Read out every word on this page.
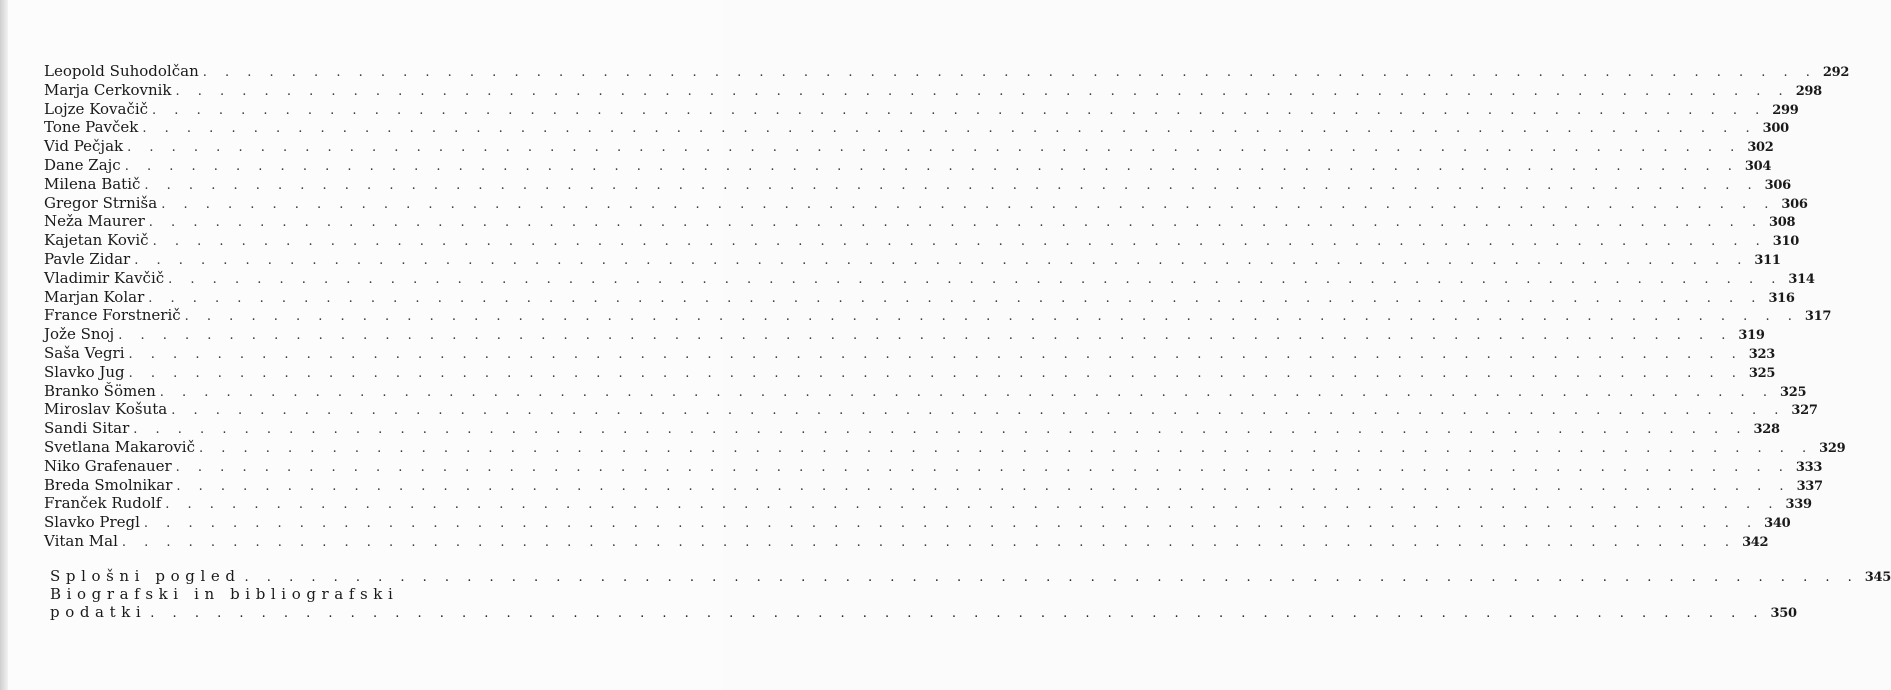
Leopold Suhodolčan . . . . . . . . . . . . . . . . . . . . . . . . . . . . . . . . . . . . . . . . . . . . . . . . . . . . . . . . . . . . . . . . . . . . . . . . . 292
Marja Cerkovnik . . . . . . . . . . . . . . . . . . . . . . . . . . . . . . . . . . . . . . . . . . . . . . . . . . . . . . . . . . . . . . . . . . . . . . . . . 298
Lojze Kovačič . . . . . . . . . . . . . . . . . . . . . . . . . . . . . . . . . . . . . . . . . . . . . . . . . . . . . . . . . . . . . . . . . . . . . . . . . 299
Tone Pavček . . . . . . . . . . . . . . . . . . . . . . . . . . . . . . . . . . . . . . . . . . . . . . . . . . . . . . . . . . . . . . . . . . . . . . . . . 300
Vid Pečjak . . . . . . . . . . . . . . . . . . . . . . . . . . . . . . . . . . . . . . . . . . . . . . . . . . . . . . . . . . . . . . . . . . . . . . . . . 302
Dane Zajc . . . . . . . . . . . . . . . . . . . . . . . . . . . . . . . . . . . . . . . . . . . . . . . . . . . . . . . . . . . . . . . . . . . . . . . . . 304
Milena Batič . . . . . . . . . . . . . . . . . . . . . . . . . . . . . . . . . . . . . . . . . . . . . . . . . . . . . . . . . . . . . . . . . . . . . . . . . 306
Gregor Strniša . . . . . . . . . . . . . . . . . . . . . . . . . . . . . . . . . . . . . . . . . . . . . . . . . . . . . . . . . . . . . . . . . . . . . . . . . 306
Neža Maurer . . . . . . . . . . . . . . . . . . . . . . . . . . . . . . . . . . . . . . . . . . . . . . . . . . . . . . . . . . . . . . . . . . . . . . . . . 308
Kajetan Kovič . . . . . . . . . . . . . . . . . . . . . . . . . . . . . . . . . . . . . . . . . . . . . . . . . . . . . . . . . . . . . . . . . . . . . . . . . 310
Pavle Zidar . . . . . . . . . . . . . . . . . . . . . . . . . . . . . . . . . . . . . . . . . . . . . . . . . . . . . . . . . . . . . . . . . . . . . . . . . 311
Vladimir Kavčič . . . . . . . . . . . . . . . . . . . . . . . . . . . . . . . . . . . . . . . . . . . . . . . . . . . . . . . . . . . . . . . . . . . . . . . . . 314
Marjan Kolar . . . . . . . . . . . . . . . . . . . . . . . . . . . . . . . . . . . . . . . . . . . . . . . . . . . . . . . . . . . . . . . . . . . . . . . . . 316
France Forstnerič . . . . . . . . . . . . . . . . . . . . . . . . . . . . . . . . . . . . . . . . . . . . . . . . . . . . . . . . . . . . . . . . . . . . . . . . . 317
Jože Snoj . . . . . . . . . . . . . . . . . . . . . . . . . . . . . . . . . . . . . . . . . . . . . . . . . . . . . . . . . . . . . . . . . . . . . . . . . 319
Saša Vegri . . . . . . . . . . . . . . . . . . . . . . . . . . . . . . . . . . . . . . . . . . . . . . . . . . . . . . . . . . . . . . . . . . . . . . . . . 323
Slavko Jug . . . . . . . . . . . . . . . . . . . . . . . . . . . . . . . . . . . . . . . . . . . . . . . . . . . . . . . . . . . . . . . . . . . . . . . . . 325
Branko Šömen . . . . . . . . . . . . . . . . . . . . . . . . . . . . . . . . . . . . . . . . . . . . . . . . . . . . . . . . . . . . . . . . . . . . . . . . . 325
Miroslav Košuta . . . . . . . . . . . . . . . . . . . . . . . . . . . . . . . . . . . . . . . . . . . . . . . . . . . . . . . . . . . . . . . . . . . . . . . . . 327
Sandi Sitar . . . . . . . . . . . . . . . . . . . . . . . . . . . . . . . . . . . . . . . . . . . . . . . . . . . . . . . . . . . . . . . . . . . . . . . . . 328
Svetlana Makarovič . . . . . . . . . . . . . . . . . . . . . . . . . . . . . . . . . . . . . . . . . . . . . . . . . . . . . . . . . . . . . . . . . . . . . . . . . 329
Niko Grafenauer . . . . . . . . . . . . . . . . . . . . . . . . . . . . . . . . . . . . . . . . . . . . . . . . . . . . . . . . . . . . . . . . . . . . . . . . . 333
Breda Smolnikar . . . . . . . . . . . . . . . . . . . . . . . . . . . . . . . . . . . . . . . . . . . . . . . . . . . . . . . . . . . . . . . . . . . . . . . . . 337
Franček Rudolf . . . . . . . . . . . . . . . . . . . . . . . . . . . . . . . . . . . . . . . . . . . . . . . . . . . . . . . . . . . . . . . . . . . . . . . . . 339
Slavko Pregl . . . . . . . . . . . . . . . . . . . . . . . . . . . . . . . . . . . . . . . . . . . . . . . . . . . . . . . . . . . . . . . . . . . . . . . . . 340
Vitan Mal . . . . . . . . . . . . . . . . . . . . . . . . . . . . . . . . . . . . . . . . . . . . . . . . . . . . . . . . . . . . . . . . . . . . . . . . . 342
Splošni pogled . . . . . . . . . . . . . . . . . . . . . . . . . . . . . . . . . . . . . . . . . . . . . . . . . . . . . . . . . . . . . . . . . . . . . . . . . 345
Biografski in bibliografski
podatki . . . . . . . . . . . . . . . . . . . . . . . . . . . . . . . . . . . . . . . . . . . . . . . . . . . . . . . . . . . . . . . . . . . . . . . . . 350
